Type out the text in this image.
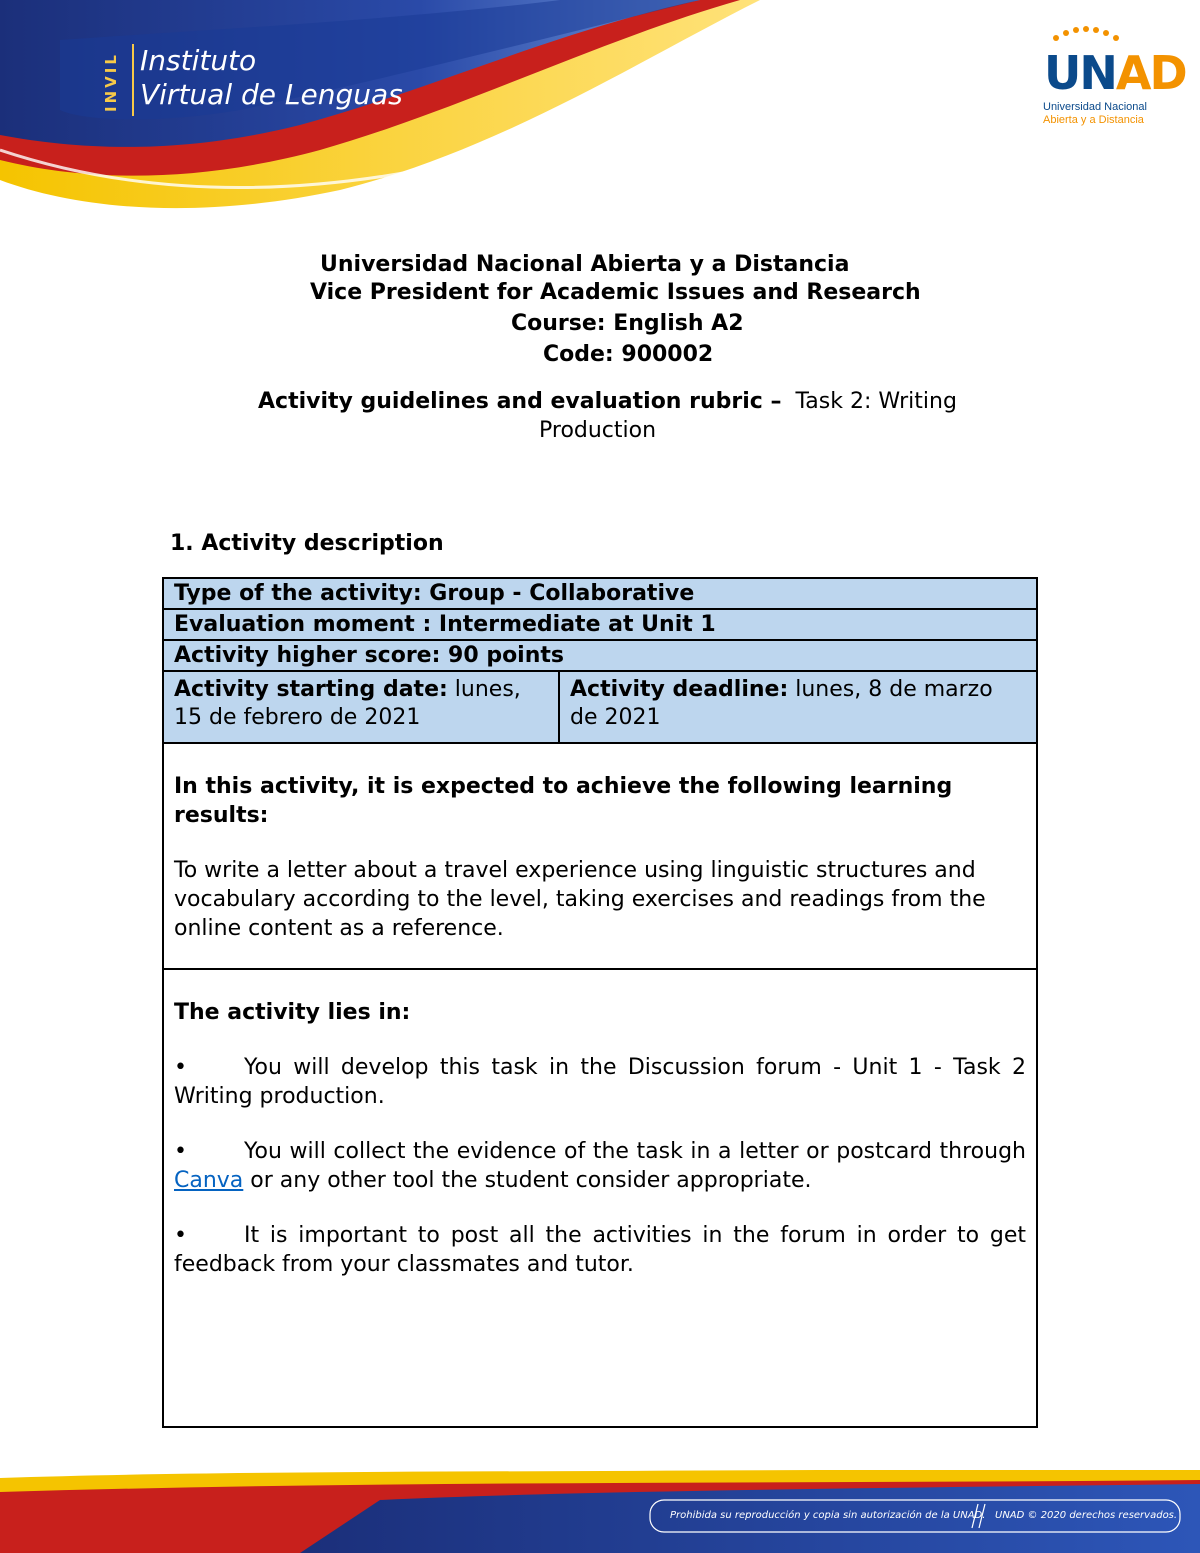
INVIL Instituto
Virtual de Lenguas	UNAD
Universidad Nacional
Abierta y a Distancia
Universidad Nacional Abierta y a Distancia
Vice President for Academic Issues and Research
Course: English A2
Code: 900002
Activity guidelines and evaluation rubric – Task 2: Writing
Production
1. Activity description
Type of the activity: Group - Collaborative
Evaluation moment : Intermediate at Unit 1
Activity higher score: 90 points
Activity starting date: lunes, 15 de febrero de 2021
Activity deadline: lunes, 8 de marzo de 2021
In this activity, it is expected to achieve the following learning results:
To write a letter about a travel experience using linguistic structures and vocabulary according to the level, taking exercises and readings from the online content as a reference.
The activity lies in:
•	You will develop this task in the Discussion forum - Unit 1 - Task 2 Writing production.
•	You will collect the evidence of the task in a letter or postcard through Canva or any other tool the student consider appropriate.
•	It is important to post all the activities in the forum in order to get feedback from your classmates and tutor.
Prohibida su reproducción y copia sin autorización de la UNAD. UNAD © 2020 derechos reservados.
